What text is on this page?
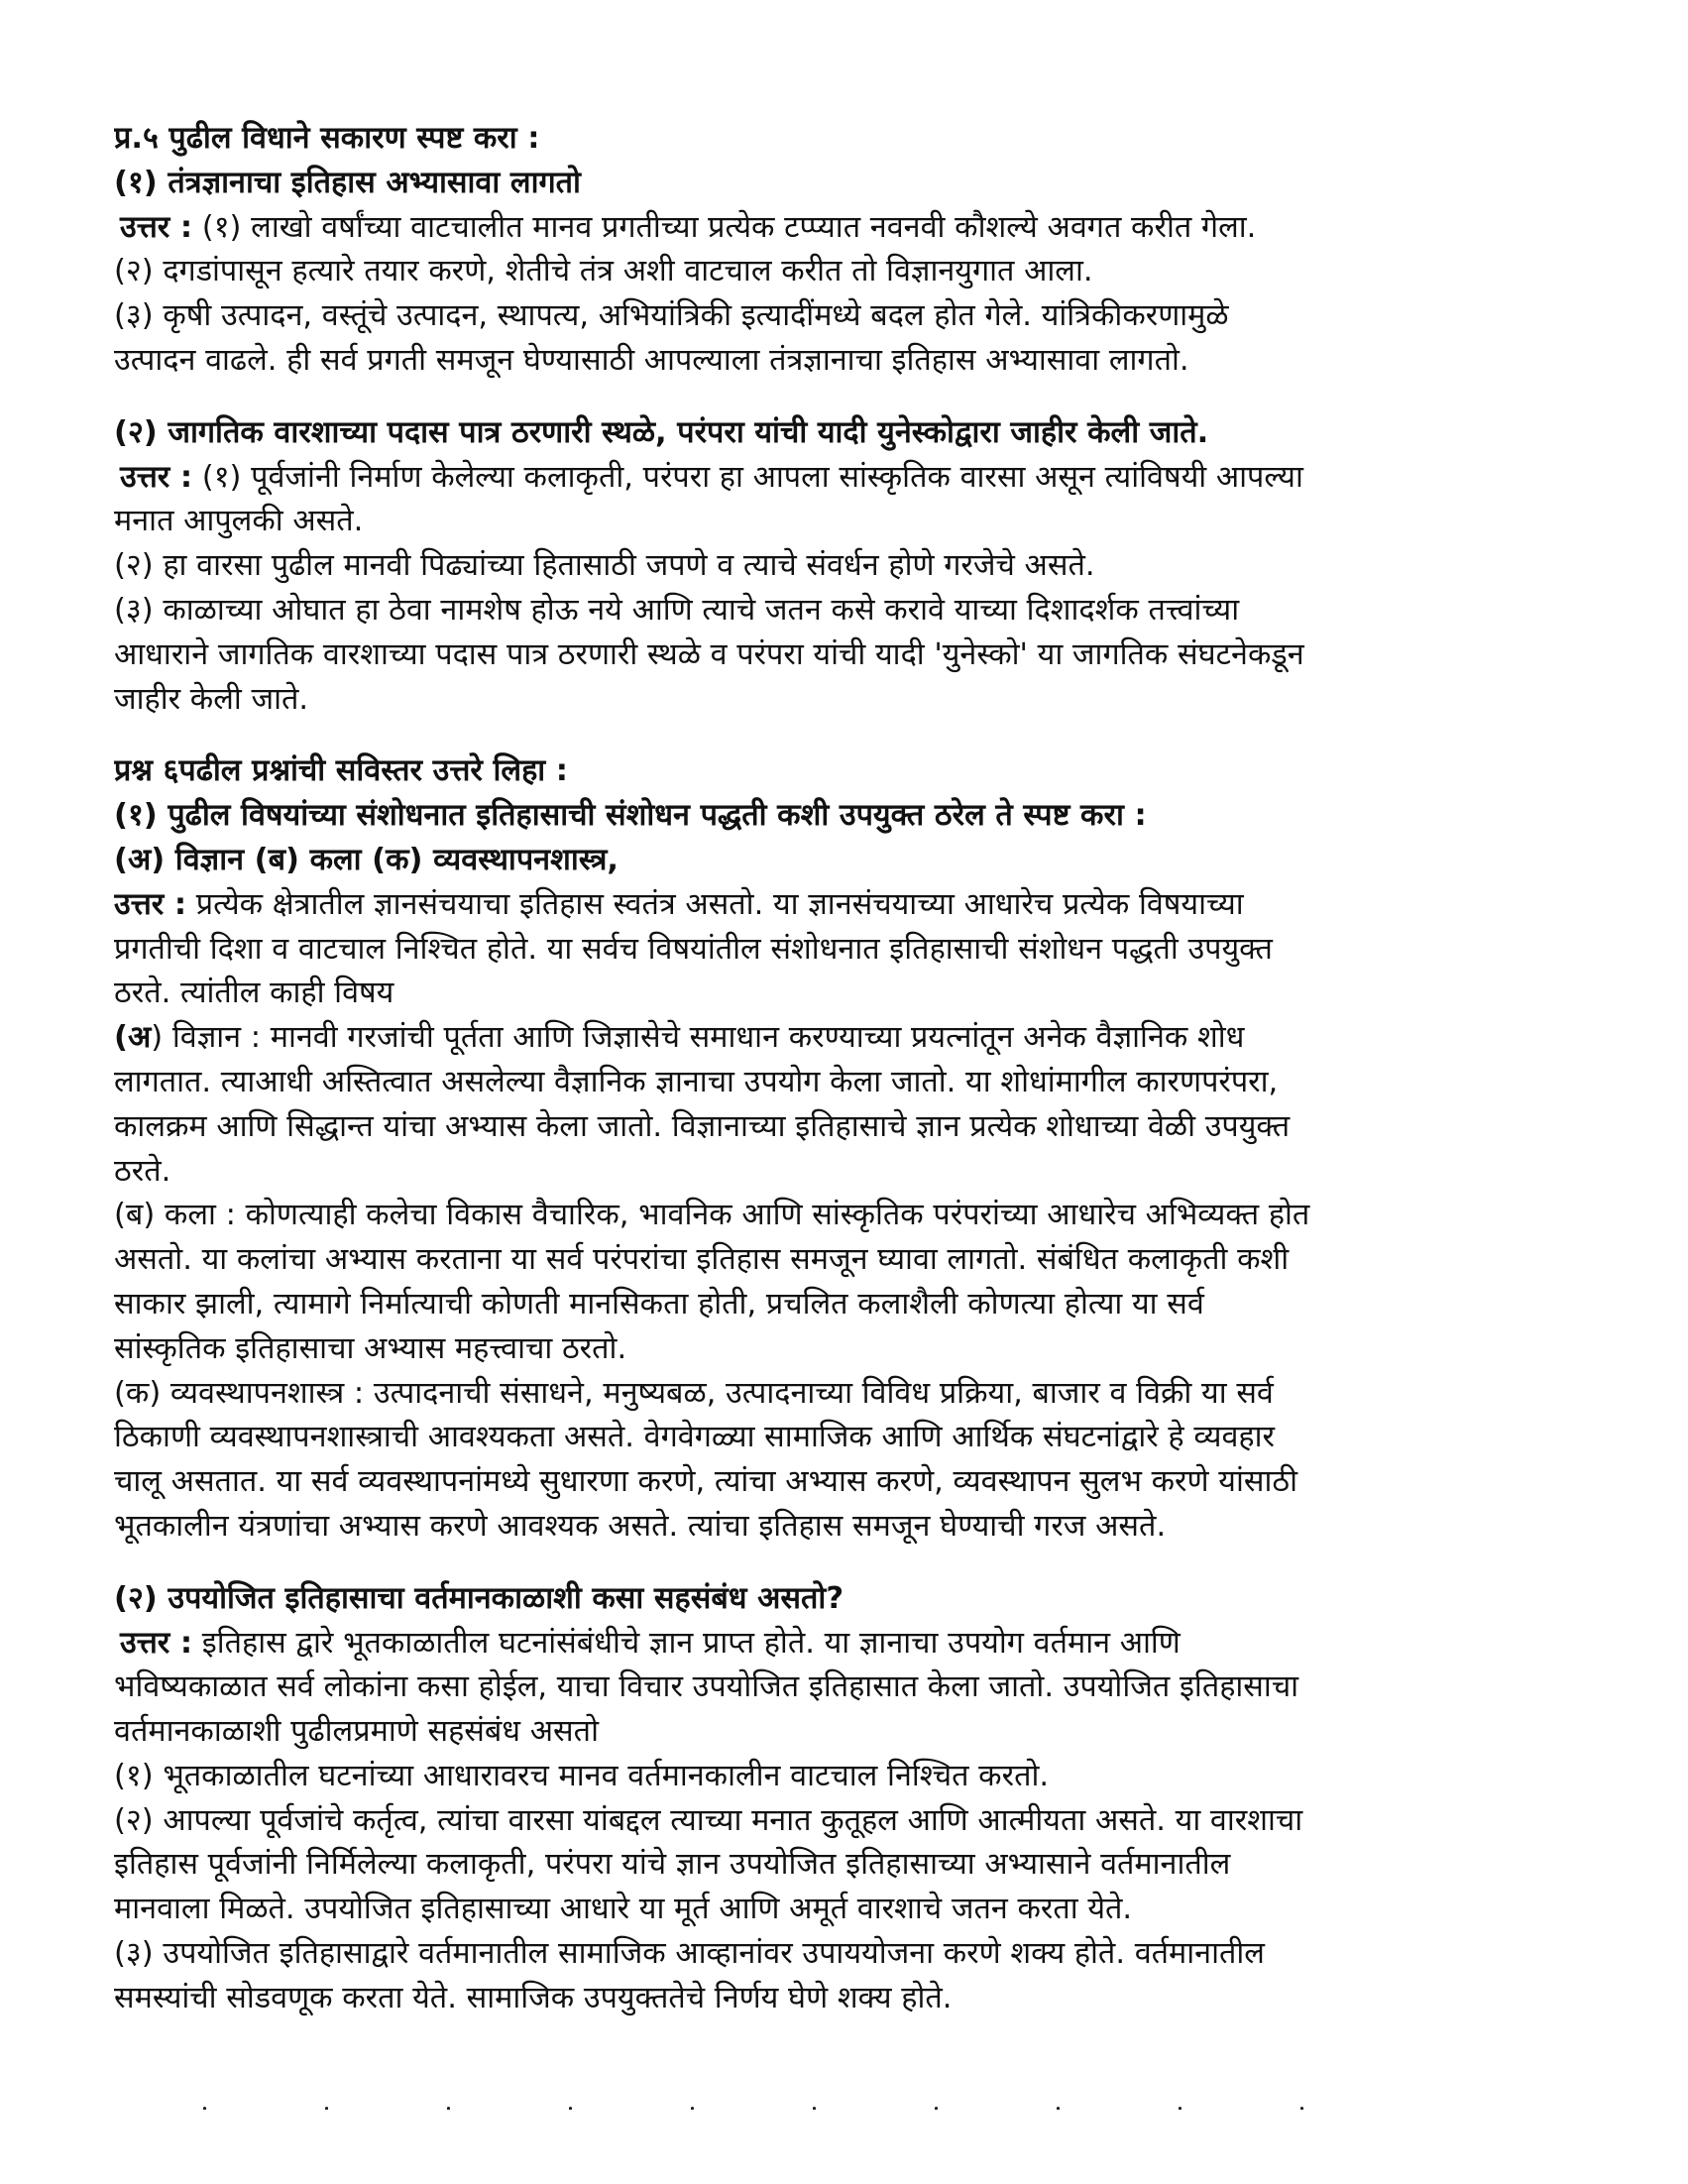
प्र.५ पुढील विधाने सकारण स्पष्ट करा :
(१) तंत्रज्ञानाचा इतिहास अभ्यासावा लागतो
उत्तर : (१) लाखो वर्षांच्या वाटचालीत मानव प्रगतीच्या प्रत्येक टप्प्यात नवनवी कौशल्ये अवगत करीत गेला.
(२) दगडांपासून हत्यारे तयार करणे, शेतीचे तंत्र अशी वाटचाल करीत तो विज्ञानयुगात आला.
(३) कृषी उत्पादन, वस्तूंचे उत्पादन, स्थापत्य, अभियांत्रिकी इत्यादींमध्ये बदल होत गेले. यांत्रिकीकरणामुळे
उत्पादन वाढले. ही सर्व प्रगती समजून घेण्यासाठी आपल्याला तंत्रज्ञानाचा इतिहास अभ्यासावा लागतो.
(२) जागतिक वारशाच्या पदास पात्र ठरणारी स्थळे, परंपरा यांची यादी युनेस्कोद्वारा जाहीर केली जाते.
उत्तर : (१) पूर्वजांनी निर्माण केलेल्या कलाकृती, परंपरा हा आपला सांस्कृतिक वारसा असून त्यांविषयी आपल्या
मनात आपुलकी असते.
(२) हा वारसा पुढील मानवी पिढ्यांच्या हितासाठी जपणे व त्याचे संवर्धन होणे गरजेचे असते.
(३) काळाच्या ओघात हा ठेवा नामशेष होऊ नये आणि त्याचे जतन कसे करावे याच्या दिशादर्शक तत्त्वांच्या
आधाराने जागतिक वारशाच्या पदास पात्र ठरणारी स्थळे व परंपरा यांची यादी 'युनेस्को' या जागतिक संघटनेकडून
जाहीर केली जाते.
प्रश्न ६पढील प्रश्नांची सविस्तर उत्तरे लिहा :
(१) पुढील विषयांच्या संशोधनात इतिहासाची संशोधन पद्धती कशी उपयुक्त ठरेल ते स्पष्ट करा :
(अ) विज्ञान (ब) कला (क) व्यवस्थापनशास्त्र,
उत्तर : प्रत्येक क्षेत्रातील ज्ञानसंचयाचा इतिहास स्वतंत्र असतो. या ज्ञानसंचयाच्या आधारेच प्रत्येक विषयाच्या
प्रगतीची दिशा व वाटचाल निश्चित होते. या सर्वच विषयांतील संशोधनात इतिहासाची संशोधन पद्धती उपयुक्त
ठरते. त्यांतील काही विषय
(अ) विज्ञान : मानवी गरजांची पूर्तता आणि जिज्ञासेचे समाधान करण्याच्या प्रयत्नांतून अनेक वैज्ञानिक शोध
लागतात. त्याआधी अस्तित्वात असलेल्या वैज्ञानिक ज्ञानाचा उपयोग केला जातो. या शोधांमागील कारणपरंपरा,
कालक्रम आणि सिद्धान्त यांचा अभ्यास केला जातो. विज्ञानाच्या इतिहासाचे ज्ञान प्रत्येक शोधाच्या वेळी उपयुक्त
ठरते.
(ब) कला : कोणत्याही कलेचा विकास वैचारिक, भावनिक आणि सांस्कृतिक परंपरांच्या आधारेच अभिव्यक्त होत
असतो. या कलांचा अभ्यास करताना या सर्व परंपरांचा इतिहास समजून घ्यावा लागतो. संबंधित कलाकृती कशी
साकार झाली, त्यामागे निर्मात्याची कोणती मानसिकता होती, प्रचलित कलाशैली कोणत्या होत्या या सर्व
सांस्कृतिक इतिहासाचा अभ्यास महत्त्वाचा ठरतो.
(क) व्यवस्थापनशास्त्र : उत्पादनाची संसाधने, मनुष्यबळ, उत्पादनाच्या विविध प्रक्रिया, बाजार व विक्री या सर्व
ठिकाणी व्यवस्थापनशास्त्राची आवश्यकता असते. वेगवेगळ्या सामाजिक आणि आर्थिक संघटनांद्वारे हे व्यवहार
चालू असतात. या सर्व व्यवस्थापनांमध्ये सुधारणा करणे, त्यांचा अभ्यास करणे, व्यवस्थापन सुलभ करणे यांसाठी
भूतकालीन यंत्रणांचा अभ्यास करणे आवश्यक असते. त्यांचा इतिहास समजून घेण्याची गरज असते.
(२) उपयोजित इतिहासाचा वर्तमानकाळाशी कसा सहसंबंध असतो?
उत्तर : इतिहास द्वारे भूतकाळातील घटनांसंबंधीचे ज्ञान प्राप्त होते. या ज्ञानाचा उपयोग वर्तमान आणि
भविष्यकाळात सर्व लोकांना कसा होईल, याचा विचार उपयोजित इतिहासात केला जातो. उपयोजित इतिहासाचा
वर्तमानकाळाशी पुढीलप्रमाणे सहसंबंध असतो
(१) भूतकाळातील घटनांच्या आधारावरच मानव वर्तमानकालीन वाटचाल निश्चित करतो.
(२) आपल्या पूर्वजांचे कर्तृत्व, त्यांचा वारसा यांबद्दल त्याच्या मनात कुतूहल आणि आत्मीयता असते. या वारशाचा
इतिहास पूर्वजांनी निर्मिलेल्या कलाकृती, परंपरा यांचे ज्ञान उपयोजित इतिहासाच्या अभ्यासाने वर्तमानातील
मानवाला मिळते. उपयोजित इतिहासाच्या आधारे या मूर्त आणि अमूर्त वारशाचे जतन करता येते.
(३) उपयोजित इतिहासाद्वारे वर्तमानातील सामाजिक आव्हानांवर उपाययोजना करणे शक्य होते. वर्तमानातील
समस्यांची सोडवणूक करता येते. सामाजिक उपयुक्ततेचे निर्णय घेणे शक्य होते.
